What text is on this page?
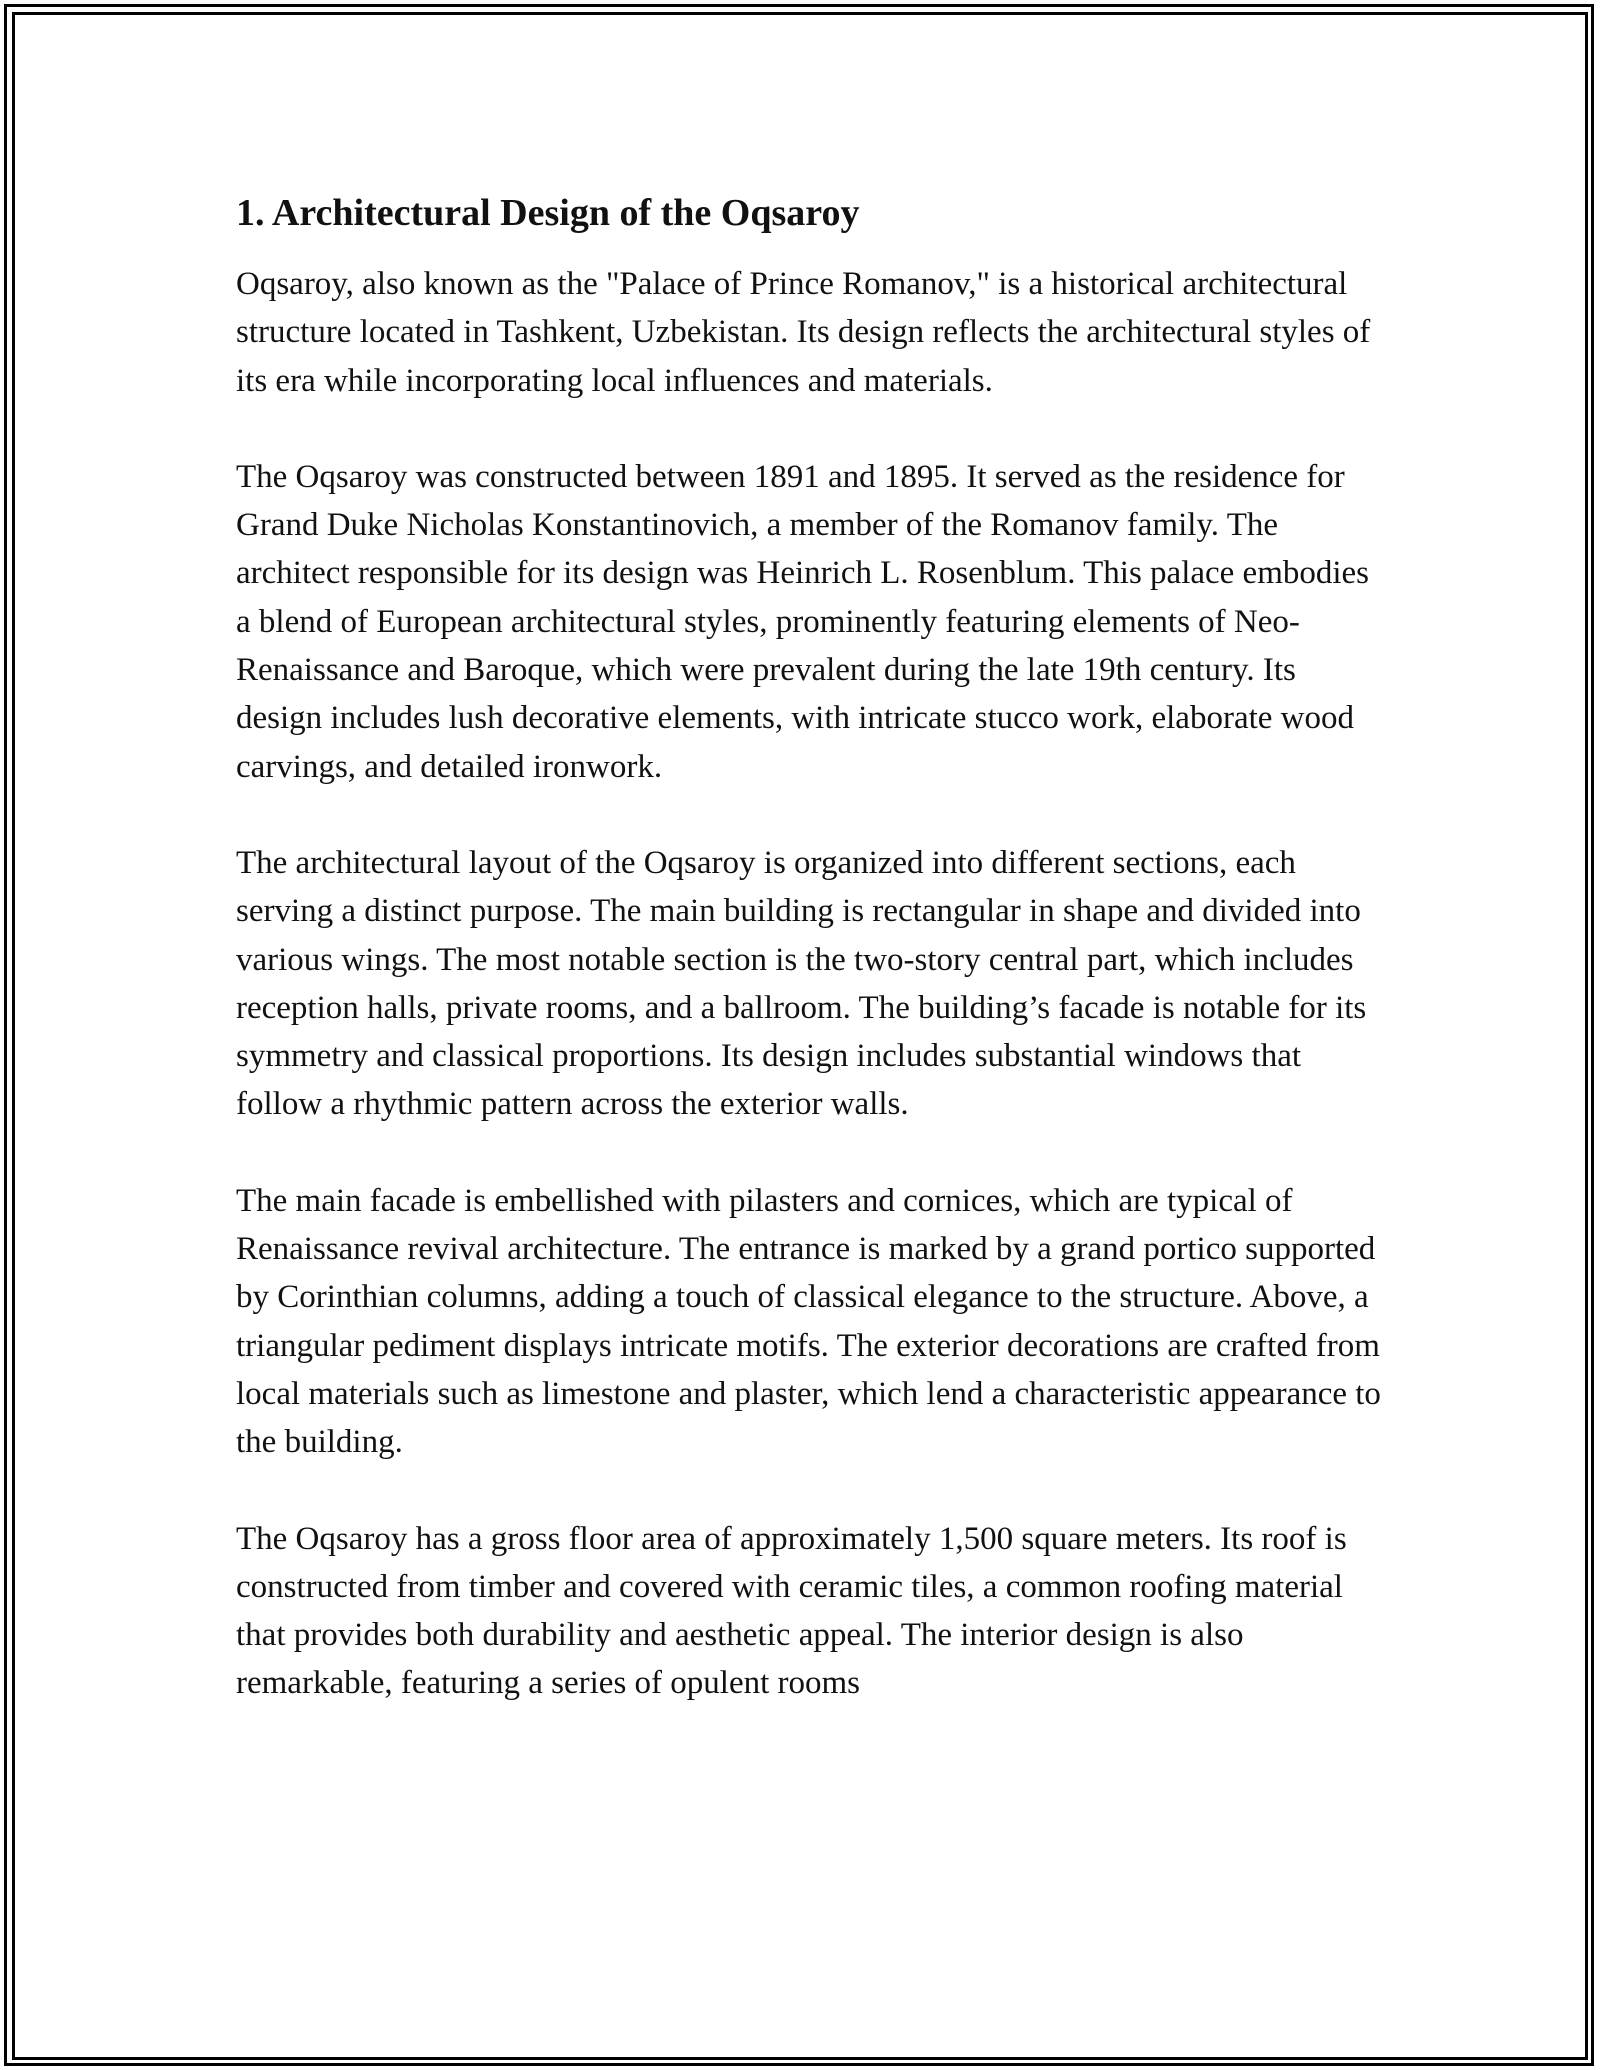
1. Architectural Design of the Oqsaroy

Oqsaroy, also known as the "Palace of Prince Romanov," is a historical architectural structure located in Tashkent, Uzbekistan. Its design reflects the architectural styles of its era while incorporating local influences and materials.

The Oqsaroy was constructed between 1891 and 1895. It served as the residence for Grand Duke Nicholas Konstantinovich, a member of the Romanov family. The architect responsible for its design was Heinrich L. Rosenblum. This palace embodies a blend of European architectural styles, prominently featuring elements of Neo-Renaissance and Baroque, which were prevalent during the late 19th century. Its design includes lush decorative elements, with intricate stucco work, elaborate wood carvings, and detailed ironwork.

The architectural layout of the Oqsaroy is organized into different sections, each serving a distinct purpose. The main building is rectangular in shape and divided into various wings. The most notable section is the two-story central part, which includes reception halls, private rooms, and a ballroom. The building’s facade is notable for its symmetry and classical proportions. Its design includes substantial windows that follow a rhythmic pattern across the exterior walls.

The main facade is embellished with pilasters and cornices, which are typical of Renaissance revival architecture. The entrance is marked by a grand portico supported by Corinthian columns, adding a touch of classical elegance to the structure. Above, a triangular pediment displays intricate motifs. The exterior decorations are crafted from local materials such as limestone and plaster, which lend a characteristic appearance to the building.

The Oqsaroy has a gross floor area of approximately 1,500 square meters. Its roof is constructed from timber and covered with ceramic tiles, a common roofing material that provides both durability and aesthetic appeal. The interior design is also remarkable, featuring a series of opulent rooms
